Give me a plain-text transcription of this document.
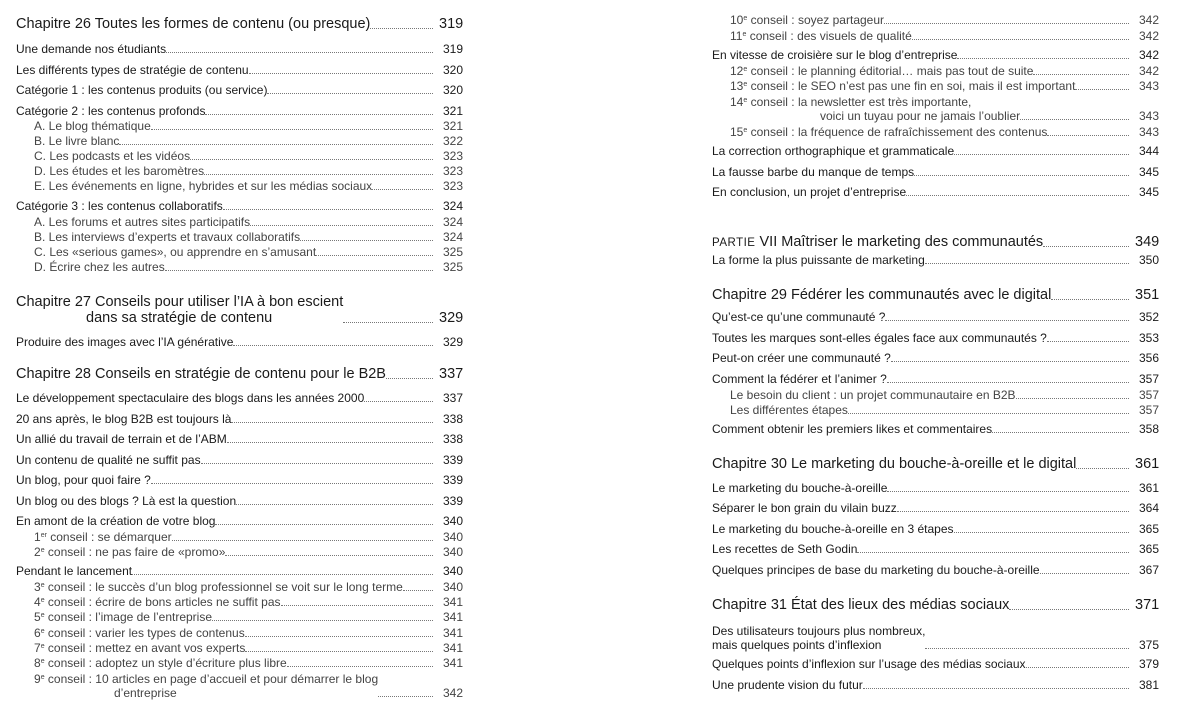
Chapitre 26 Toutes les formes de contenu (ou presque)	319
Une demande nos étudiants	319
Les différents types de stratégie de contenu	320
Catégorie 1 : les contenus produits (ou service)	320
Catégorie 2 : les contenus profonds	321
A. Le blog thématique	321
B. Le livre blanc	322
C. Les podcasts et les vidéos	323
D. Les études et les baromètres	323
E. Les événements en ligne, hybrides et sur les médias sociaux	323
Catégorie 3 : les contenus collaboratifs	324
A. Les forums et autres sites participatifs	324
B. Les interviews d’experts et travaux collaboratifs	324
C. Les «serious games», ou apprendre en s’amusant	325
D. Écrire chez les autres	325
Chapitre 27 Conseils pour utiliser l’IA à bon escient
dans sa stratégie de contenu	329
Produire des images avec l’IA générative	329
Chapitre 28 Conseils en stratégie de contenu pour le B2B	337
Le développement spectaculaire des blogs dans les années 2000	337
20 ans après, le blog B2B est toujours là	338
Un allié du travail de terrain et de l’ABM	338
Un contenu de qualité ne suffit pas	339
Un blog, pour quoi faire ?	339
Un blog ou des blogs ? Là est la question	339
En amont de la création de votre blog	340
1er conseil : se démarquer	340
2e conseil : ne pas faire de «promo»	340
Pendant le lancement	340
3e conseil : le succès d’un blog professionnel se voit sur le long terme	340
4e conseil : écrire de bons articles ne suffit pas	341
5e conseil : l’image de l’entreprise	341
6e conseil : varier les types de contenus	341
7e conseil : mettez en avant vos experts	341
8e conseil : adoptez un style d’écriture plus libre	341
9e conseil : 10 articles en page d’accueil et pour démarrer le blog
d’entreprise	342
10e conseil : soyez partageur	342
11e conseil : des visuels de qualité	342
En vitesse de croisière sur le blog d’entreprise	342
12e conseil : le planning éditorial… mais pas tout de suite	342
13e conseil : le SEO n’est pas une fin en soi, mais il est important	343
14e conseil : la newsletter est très importante,
voici un tuyau pour ne jamais l’oublier	343
15e conseil : la fréquence de rafraîchissement des contenus	343
La correction orthographique et grammaticale	344
La fausse barbe du manque de temps	345
En conclusion, un projet d’entreprise	345
PARTIE VII Maîtriser le marketing des communautés	349
La forme la plus puissante de marketing	350
Chapitre 29 Fédérer les communautés avec le digital	351
Qu’est-ce qu’une communauté ?	352
Toutes les marques sont-elles égales face aux communautés ?	353
Peut-on créer une communauté ?	356
Comment la fédérer et l’animer ?	357
Le besoin du client : un projet communautaire en B2B	357
Les différentes étapes	357
Comment obtenir les premiers likes et commentaires	358
Chapitre 30 Le marketing du bouche-à-oreille et le digital	361
Le marketing du bouche-à-oreille	361
Séparer le bon grain du vilain buzz	364
Le marketing du bouche-à-oreille en 3 étapes	365
Les recettes de Seth Godin	365
Quelques principes de base du marketing du bouche-à-oreille	367
Chapitre 31 État des lieux des médias sociaux	371
Des utilisateurs toujours plus nombreux,
mais quelques points d’inflexion	375
Quelques points d’inflexion sur l’usage des médias sociaux	379
Une prudente vision du futur	381
